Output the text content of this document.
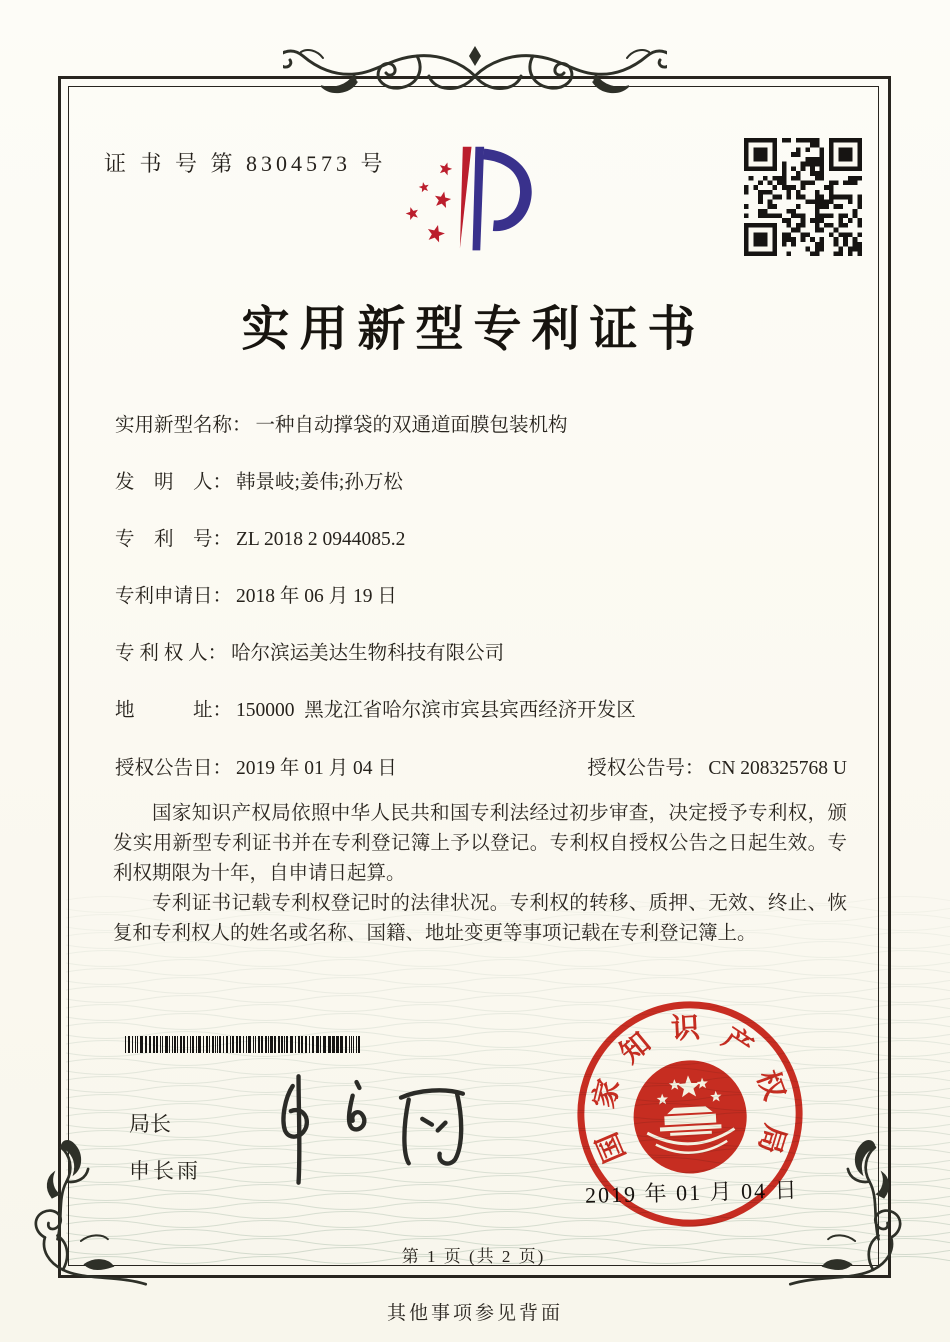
证 书 号 第 8304573 号
实用新型专利证书
实用新型名称： 一种自动撑袋的双通道面膜包装机构
发　明　人： 韩景岐;姜伟;孙万松
专　利　号： ZL 2018 2 0944085.2
专利申请日： 2018 年 06 月 19 日
专 利 权 人： 哈尔滨运美达生物科技有限公司
地　　　址： 150000  黑龙江省哈尔滨市宾县宾西经济开发区
授权公告日： 2019 年 01 月 04 日	授权公告号： CN 208325768 U

国家知识产权局依照中华人民共和国专利法经过初步审查，决定授予专利权，颁发实用新型专利证书并在专利登记簿上予以登记。专利权自授权公告之日起生效。专利权期限为十年，自申请日起算。

专利证书记载专利权登记时的法律状况。专利权的转移、质押、无效、终止、恢复和专利权人的姓名或名称、国籍、地址变更等事项记载在专利登记簿上。

局长
申长雨
2019 年 01 月 04 日
国
家
知 识 产
权
局
第 1 页 (共 2 页)
其他事项参见背面
